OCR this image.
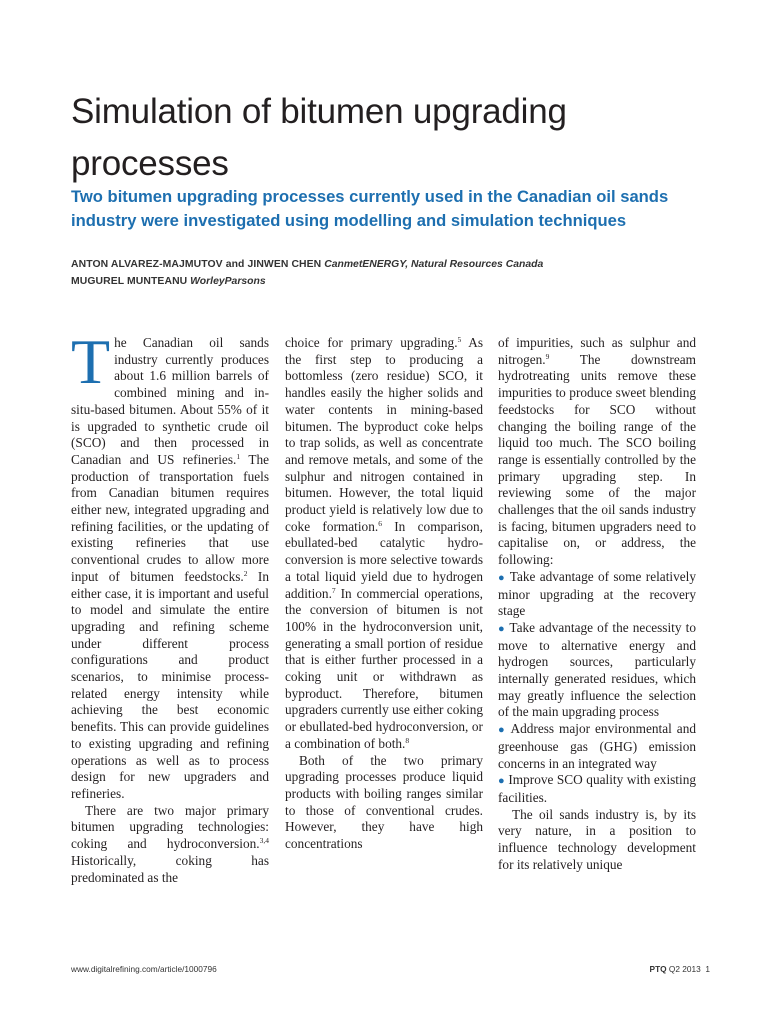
Simulation of bitumen upgrading processes
Two bitumen upgrading processes currently used in the Canadian oil sands industry were investigated using modelling and simulation techniques
ANTON ALVAREZ-MAJMUTOV and JINWEN CHEN CanmetENERGY, Natural Resources Canada
MUGUREL MUNTEANU WorleyParsons

The Canadian oil sands industry currently produces about 1.6 million barrels of combined mining and in-situ-based bitumen. About 55% of it is upgraded to synthetic crude oil (SCO) and then processed in Canadian and US refineries.$^1$ The production of transportation fuels from Canadian bitumen requires either new, integrated upgrading and refining facilities, or the updating of existing refineries that use conventional crudes to allow more input of bitumen feedstocks.$^2$ In either case, it is important and useful to model and simulate the entire upgrading and refining scheme under different process configurations and product scenarios, to minimise process-related energy intensity while achieving the best economic benefits. This can provide guidelines to existing upgrading and refining operations as well as to process design for new upgraders and refineries.

There are two major primary bitumen upgrading technologies: coking and hydroconversion.$^{3,4}$ Historically, coking has predominated as the

choice for primary upgrading.$^5$ As the first step to producing a bottomless (zero residue) SCO, it handles easily the higher solids and water contents in mining-based bitumen. The byproduct coke helps to trap solids, as well as concentrate and remove metals, and some of the sulphur and nitrogen contained in bitumen. However, the total liquid product yield is relatively low due to coke formation.$^6$ In comparison, ebullated-bed catalytic hydroconversion is more selective towards a total liquid yield due to hydrogen addition.$^7$ In commercial operations, the conversion of bitumen is not 100% in the hydroconversion unit, generating a small portion of residue that is either further processed in a coking unit or withdrawn as byproduct. Therefore, bitumen upgraders currently use either coking or ebullated-bed hydroconversion, or a combination of both.$^8$

Both of the two primary upgrading processes produce liquid products with boiling ranges similar to those of conventional crudes. However, they have high concentrations

of impurities, such as sulphur and nitrogen.$^9$ The downstream hydrotreating units remove these impurities to produce sweet blending feedstocks for SCO without changing the boiling range of the liquid too much. The SCO boiling range is essentially controlled by the primary upgrading step. In reviewing some of the major challenges that the oil sands industry is facing, bitumen upgraders need to capitalise on, or address, the following:

● Take advantage of some relatively minor upgrading at the recovery stage

● Take advantage of the necessity to move to alternative energy and hydrogen sources, particularly internally generated residues, which may greatly influence the selection of the main upgrading process

● Address major environmental and greenhouse gas (GHG) emission concerns in an integrated way

● Improve SCO quality with existing facilities.

The oil sands industry is, by its very nature, in a position to influence technology development for its relatively unique

www.digitalrefining.com/article/1000796	PTQ Q2 2013 1
